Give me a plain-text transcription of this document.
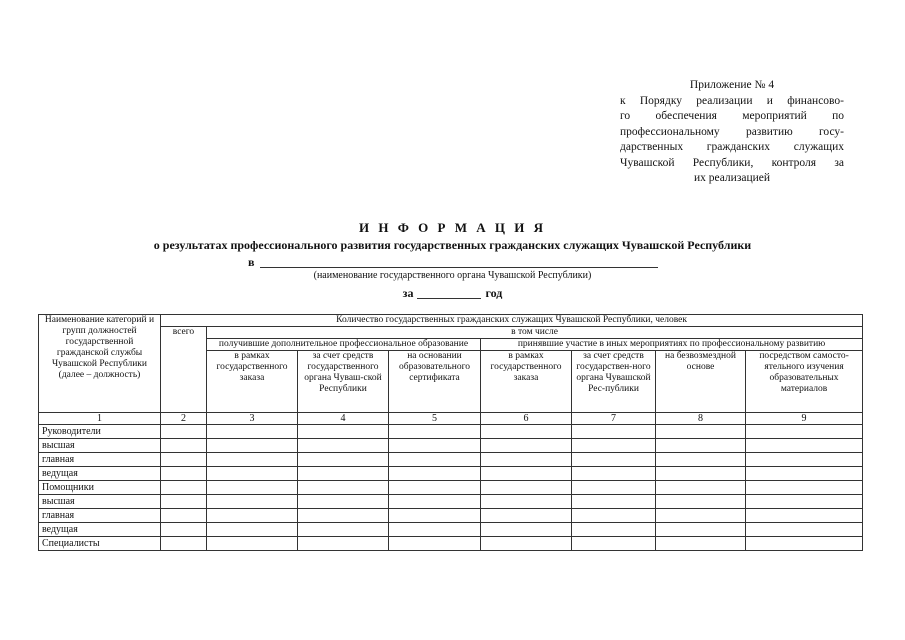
Приложение № 4
к Порядку реализации и финансово-
го обеспечения мероприятий по
профессиональному развитию госу-
дарственных гражданских служащих
Чувашской Республики, контроля за
их реализацией
И Н Ф О Р М А Ц И Я
о результатах профессионального развития государственных гражданских служащих Чувашской Республики
в
(наименование государственного органа Чувашской Республики)
за	год
Наименование категорий и групп должностей государственной гражданской службы Чувашской Республики (далее – должность)	Количество государственных гражданских служащих Чувашской Республики, человек							
	всего	в том числе						
		получившие дополнительное профессиональное образование			принявшие участие в иных мероприятиях по профессиональному развитию			
		в рамках государственного заказа	за счет средств государственного органа Чуваш-ской Республики	на основании образовательного сертификата	в рамках государственного заказа	за счет средств государствен-ного органа Чувашской Рес-публики	на безвозмездной основе	посредством самосто-ятельного изучения образовательных материалов
1	2	3	4	5	6	7	8	9
Руководители								
высшая								
главная								
ведущая								
Помощники								
высшая								
главная								
ведущая								
Специалисты								
